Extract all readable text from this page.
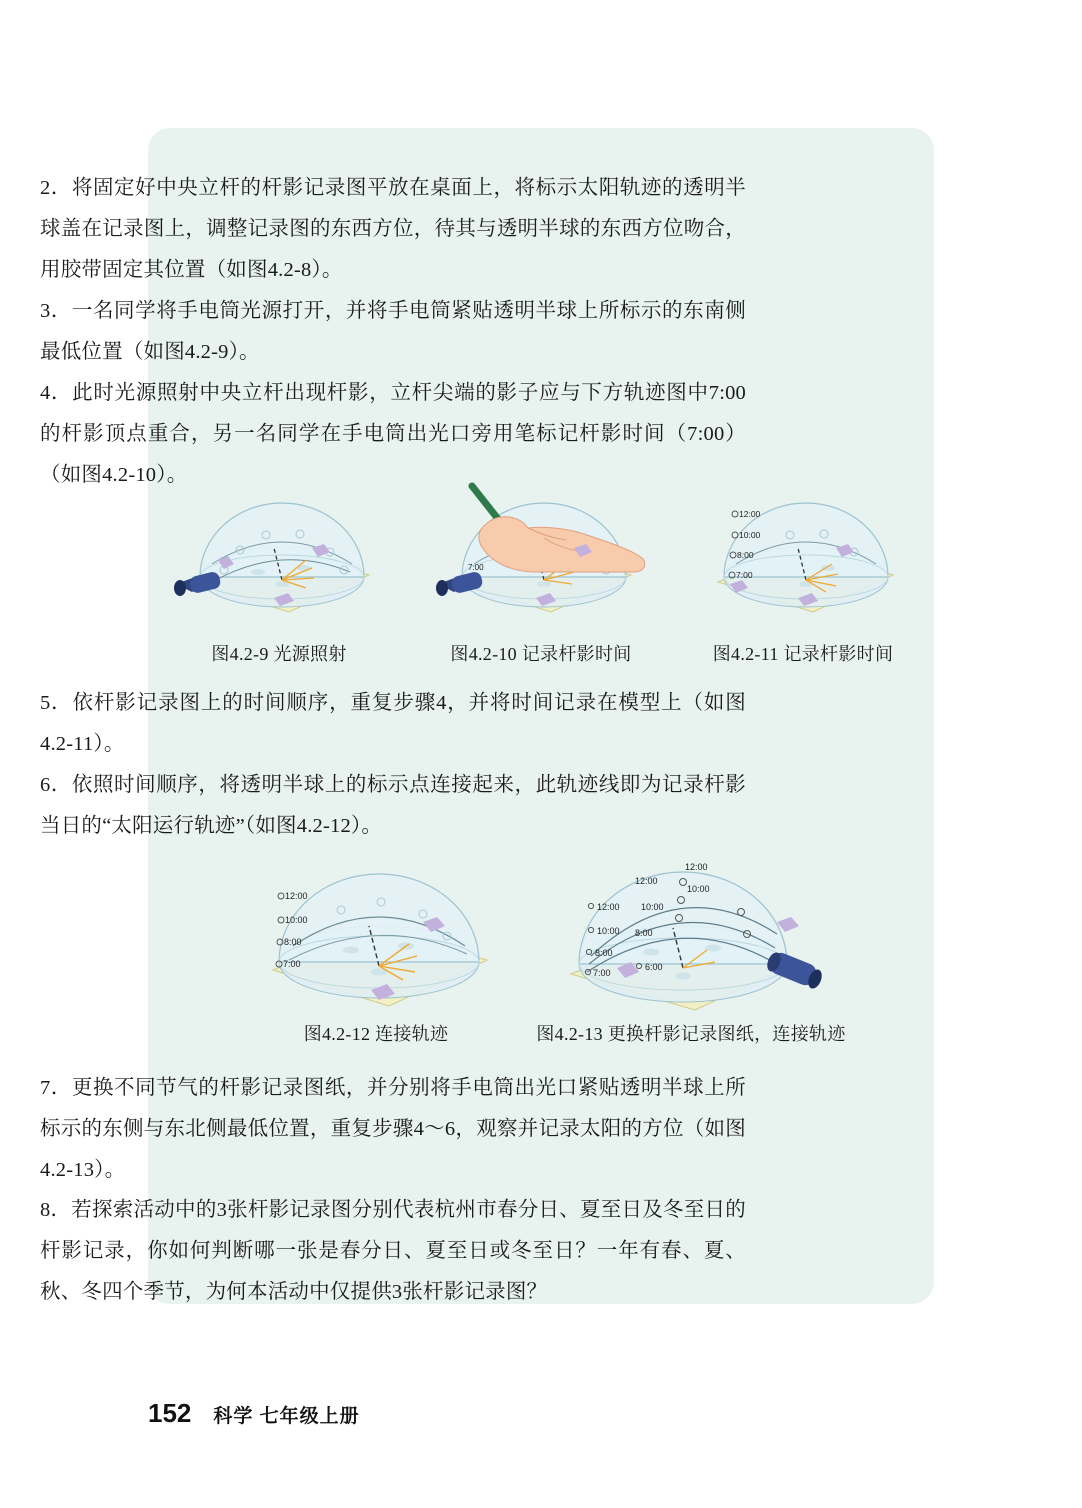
2．将固定好中央立杆的杆影记录图平放在桌面上，将标示太阳轨迹的透明半球盖在记录图上，调整记录图的东西方位，待其与透明半球的东西方位吻合，用胶带固定其位置（如图4.2-8）。
3．一名同学将手电筒光源打开，并将手电筒紧贴透明半球上所标示的东南侧最低位置（如图4.2-9）。
4．此时光源照射中央立杆出现杆影，立杆尖端的影子应与下方轨迹图中7:00的杆影顶点重合，另一名同学在手电筒出光口旁用笔标记杆影时间（7:00）（如图4.2-10）。
7:00
12:00
10:00
8:00
7:00
图4.2-9 光源照射	图4.2-10 记录杆影时间	图4.2-11 记录杆影时间
5．依杆影记录图上的时间顺序，重复步骤4，并将时间记录在模型上（如图4.2-11）。
6．依照时间顺序，将透明半球上的标示点连接起来，此轨迹线即为记录杆影当日的“太阳运行轨迹”（如图4.2-12）。
12:00
10:00
8:00
7:00
12:00
12:00
10:00
12:00 10:00
10:00 8:00
8:00
7:00
6:00
图4.2-12 连接轨迹	图4.2-13 更换杆影记录图纸，连接轨迹
7．更换不同节气的杆影记录图纸，并分别将手电筒出光口紧贴透明半球上所标示的东侧与东北侧最低位置，重复步骤4～6，观察并记录太阳的方位（如图4.2-13）。
8．若探索活动中的3张杆影记录图分别代表杭州市春分日、夏至日及冬至日的杆影记录，你如何判断哪一张是春分日、夏至日或冬至日？一年有春、夏、秋、冬四个季节，为何本活动中仅提供3张杆影记录图？
152 科学 七年级上册
